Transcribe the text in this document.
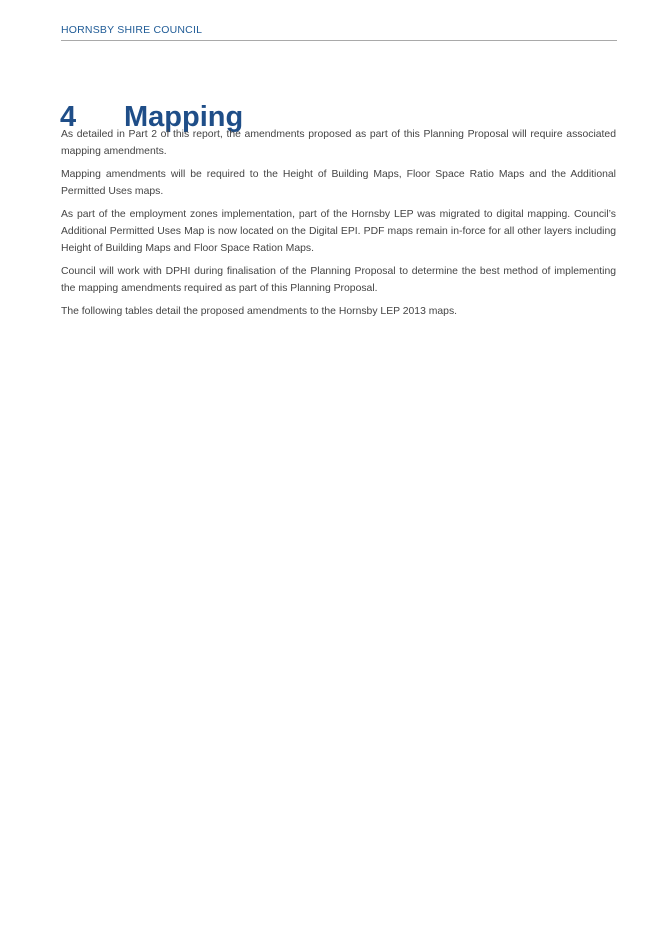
HORNSBY SHIRE COUNCIL
4 Mapping

As detailed in Part 2 of this report, the amendments proposed as part of this Planning Proposal will require associated mapping amendments.

Mapping amendments will be required to the Height of Building Maps, Floor Space Ratio Maps and the Additional Permitted Uses maps.

As part of the employment zones implementation, part of the Hornsby LEP was migrated to digital mapping. Council’s Additional Permitted Uses Map is now located on the Digital EPI. PDF maps remain in-force for all other layers including Height of Building Maps and Floor Space Ration Maps.

Council will work with DPHI during finalisation of the Planning Proposal to determine the best method of implementing the mapping amendments required as part of this Planning Proposal.

The following tables detail the proposed amendments to the Hornsby LEP 2013 maps.
